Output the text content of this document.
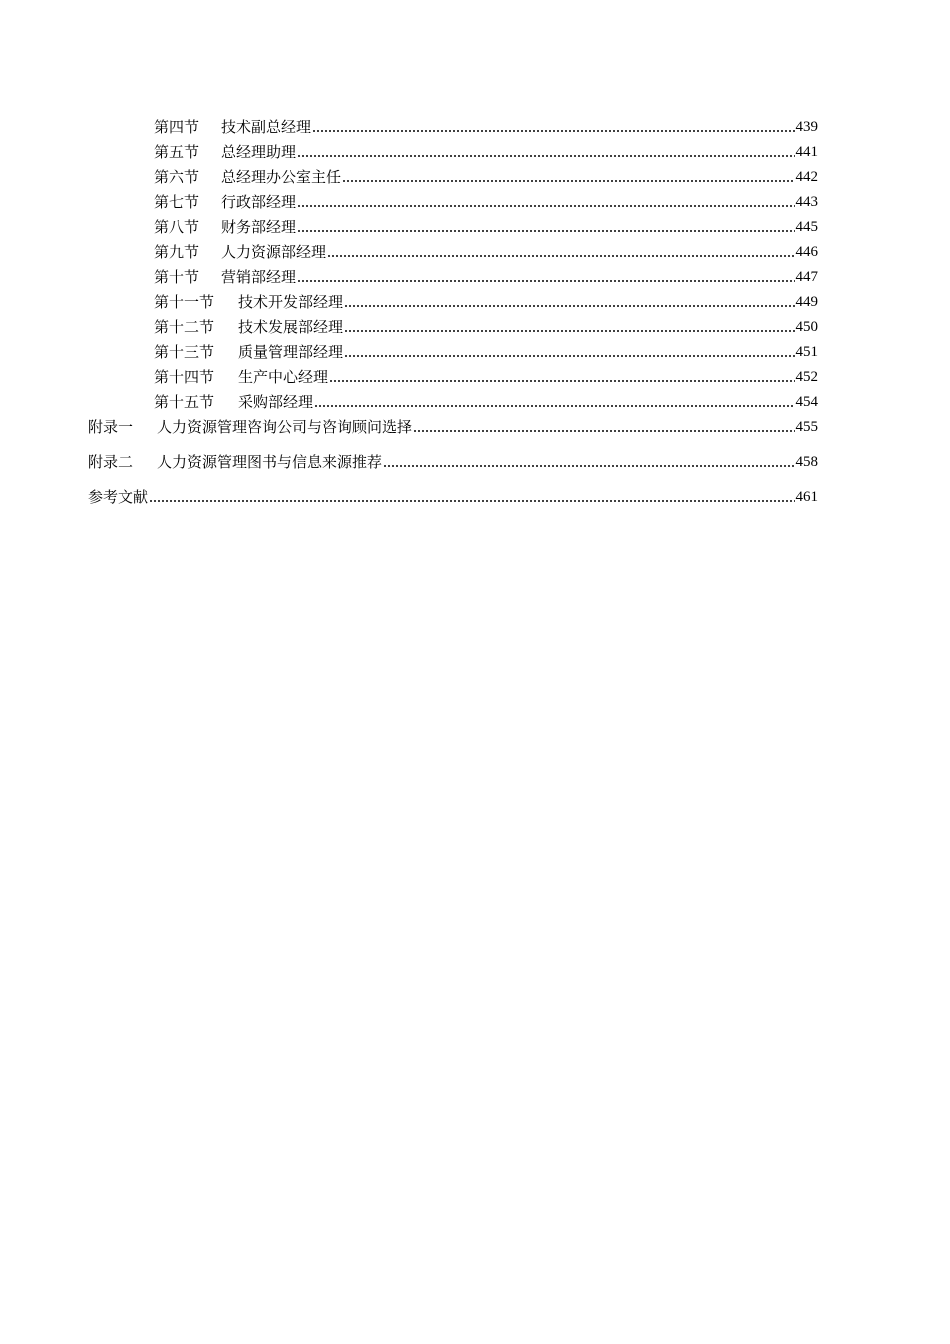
第四节	技术副总经理	439
第五节	总经理助理	441
第六节	总经理办公室主任	442
第七节	行政部经理	443
第八节	财务部经理	445
第九节	人力资源部经理	446
第十节	营销部经理	447
第十一节	技术开发部经理	449
第十二节	技术发展部经理	450
第十三节	质量管理部经理	451
第十四节	生产中心经理	452
第十五节	采购部经理	454
附录一	人力资源管理咨询公司与咨询顾问选择	455
附录二	人力资源管理图书与信息来源推荐	458
参考文献	461
